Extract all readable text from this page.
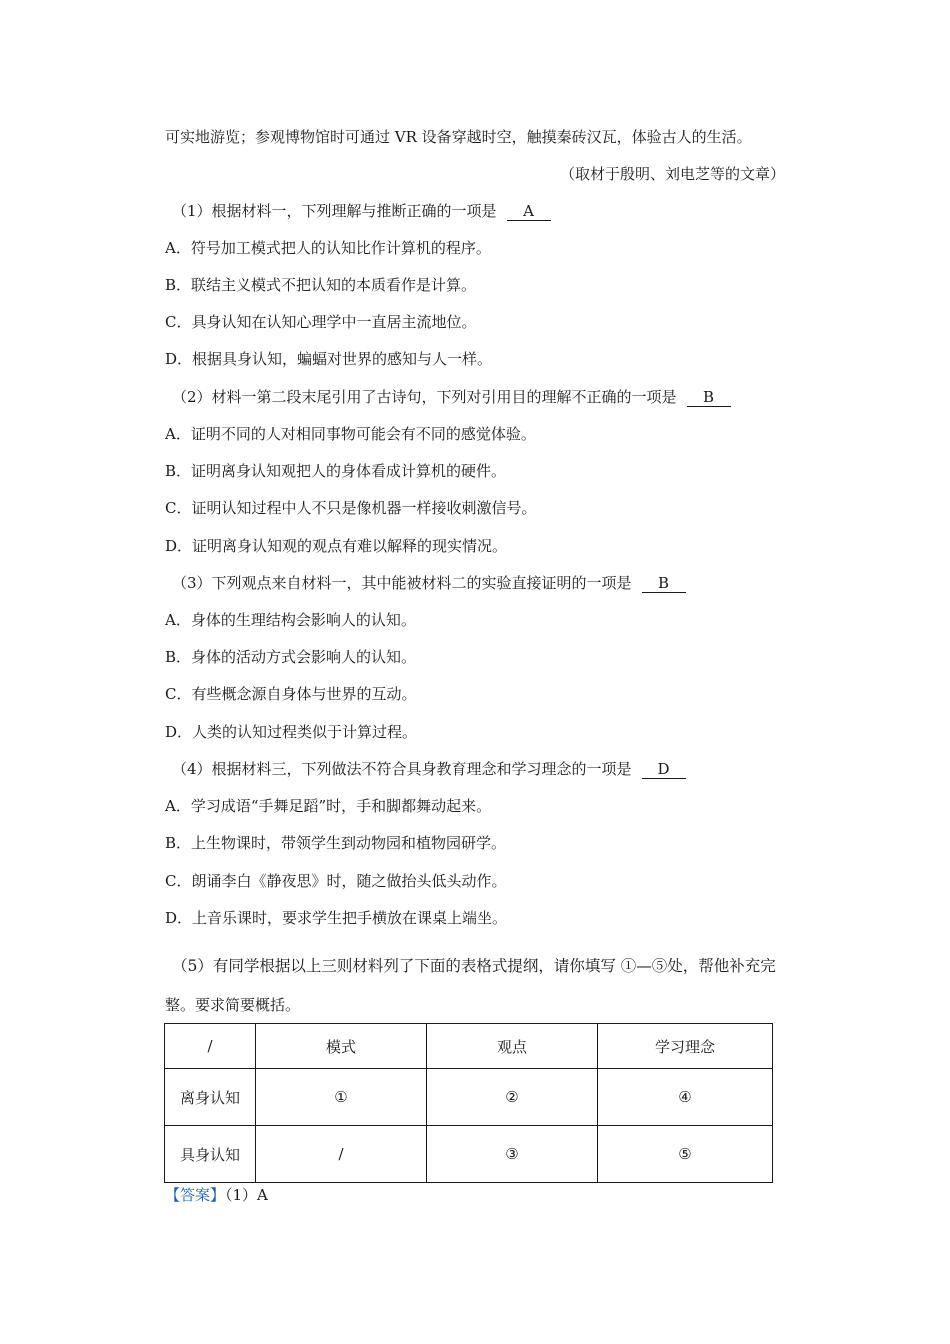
可实地游览；参观博物馆时可通过 VR 设备穿越时空，触摸秦砖汉瓦，体验古人的生活。
（取材于殷明、刘电芝等的文章）
（1）根据材料一，下列理解与推断正确的一项是 A
A．符号加工模式把人的认知比作计算机的程序。
B．联结主义模式不把认知的本质看作是计算。
C．具身认知在认知心理学中一直居主流地位。
D．根据具身认知，蝙蝠对世界的感知与人一样。
（2）材料一第二段末尾引用了古诗句，下列对引用目的理解不正确的一项是 B
A．证明不同的人对相同事物可能会有不同的感觉体验。
B．证明离身认知观把人的身体看成计算机的硬件。
C．证明认知过程中人不只是像机器一样接收刺激信号。
D．证明离身认知观的观点有难以解释的现实情况。
（3）下列观点来自材料一，其中能被材料二的实验直接证明的一项是 B
A．身体的生理结构会影响人的认知。
B．身体的活动方式会影响人的认知。
C．有些概念源自身体与世界的互动。
D．人类的认知过程类似于计算过程。
（4）根据材料三，下列做法不符合具身教育理念和学习理念的一项是 D
A．学习成语“手舞足蹈”时，手和脚都舞动起来。
B．上生物课时，带领学生到动物园和植物园研学。
C．朗诵李白《静夜思》时，随之做抬头低头动作。
D．上音乐课时，要求学生把手横放在课桌上端坐。
（5）有同学根据以上三则材料列了下面的表格式提纲，请你填写 ①—⑤处，帮他补充完
整。要求简要概括。
/	模式	观点	学习理念
离身认知	①	②	④
具身认知	/	③	⑤
【答案】（1）A
